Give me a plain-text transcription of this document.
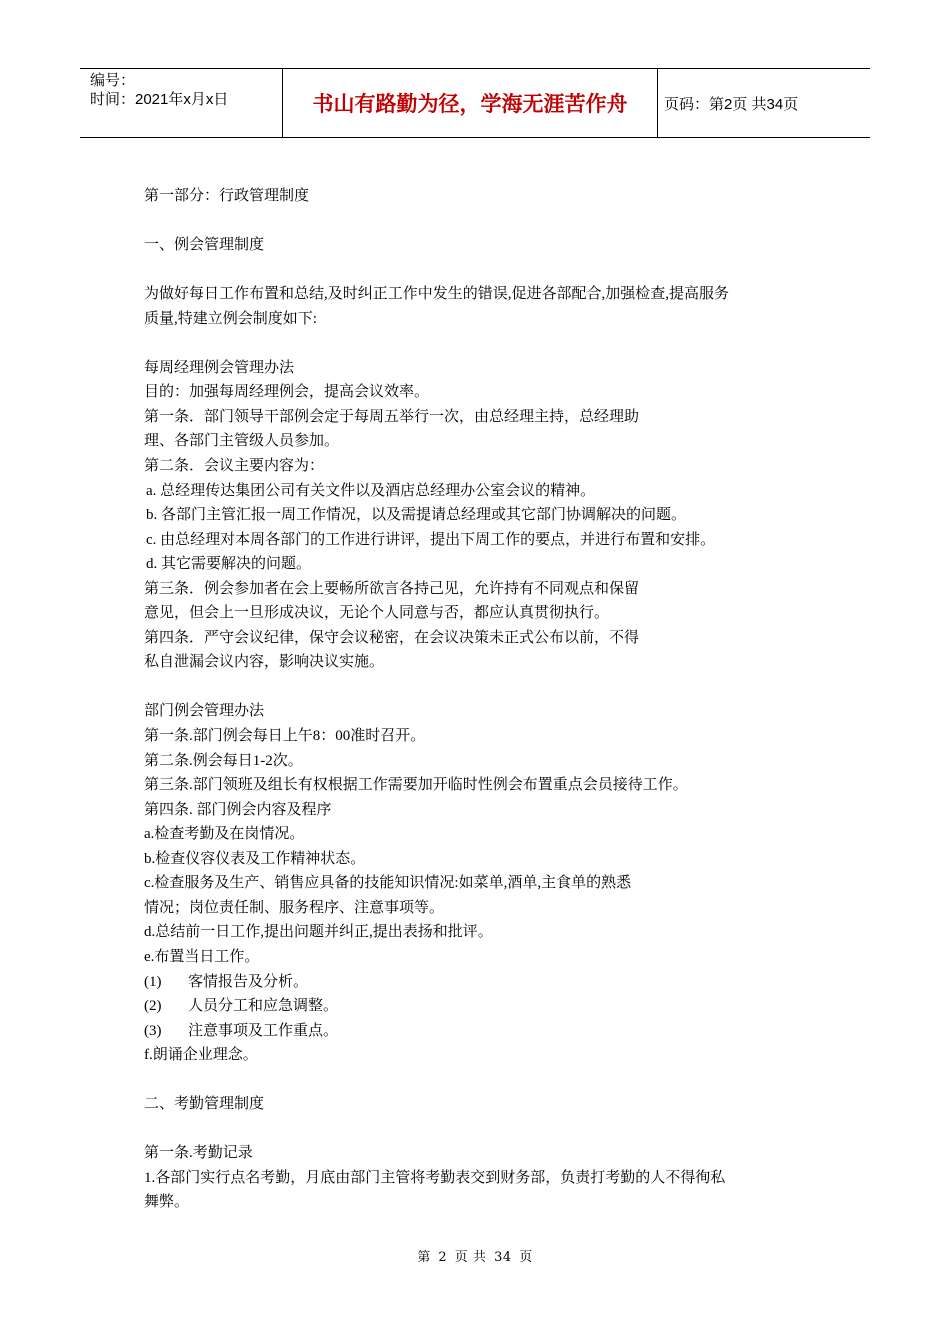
编号：
时间：2021年x月x日	书山有路勤为径，学海无涯苦作舟	页码：第2页 共34页

第一部分：行政管理制度

一、例会管理制度

为做好每日工作布置和总结,及时纠正工作中发生的错误,促进各部配合,加强检查,提高服务

质量,特建立例会制度如下:

每周经理例会管理办法

目的：加强每周经理例会，提高会议效率。

第一条．部门领导干部例会定于每周五举行一次，由总经理主持，总经理助

理、各部门主管级人员参加。

第二条．会议主要内容为：

a. 总经理传达集团公司有关文件以及酒店总经理办公室会议的精神。

b. 各部门主管汇报一周工作情况，以及需提请总经理或其它部门协调解决的问题。

c. 由总经理对本周各部门的工作进行讲评，提出下周工作的要点，并进行布置和安排。

d. 其它需要解决的问题。

第三条．例会参加者在会上要畅所欲言各持己见，允许持有不同观点和保留

意见，但会上一旦形成决议，无论个人同意与否，都应认真贯彻执行。

第四条．严守会议纪律，保守会议秘密，在会议决策未正式公布以前，不得

私自泄漏会议内容，影响决议实施。

部门例会管理办法

第一条.部门例会每日上午8：00准时召开。

第二条.例会每日1-2次。

第三条.部门领班及组长有权根据工作需要加开临时性例会布置重点会员接待工作。

第四条. 部门例会内容及程序

a.检查考勤及在岗情况。

b.检查仪容仪表及工作精神状态。

c.检查服务及生产、销售应具备的技能知识情况:如菜单,酒单,主食单的熟悉

情况；岗位责任制、服务程序、注意事项等。

d.总结前一日工作,提出问题并纠正,提出表扬和批评。

e.布置当日工作。

(1) 客情报告及分析。

(2) 人员分工和应急调整。

(3) 注意事项及工作重点。

f.朗诵企业理念。

二、考勤管理制度

第一条.考勤记录

1.各部门实行点名考勤，月底由部门主管将考勤表交到财务部，负责打考勤的人不得徇私

舞弊。

第 2 页 共 34 页
